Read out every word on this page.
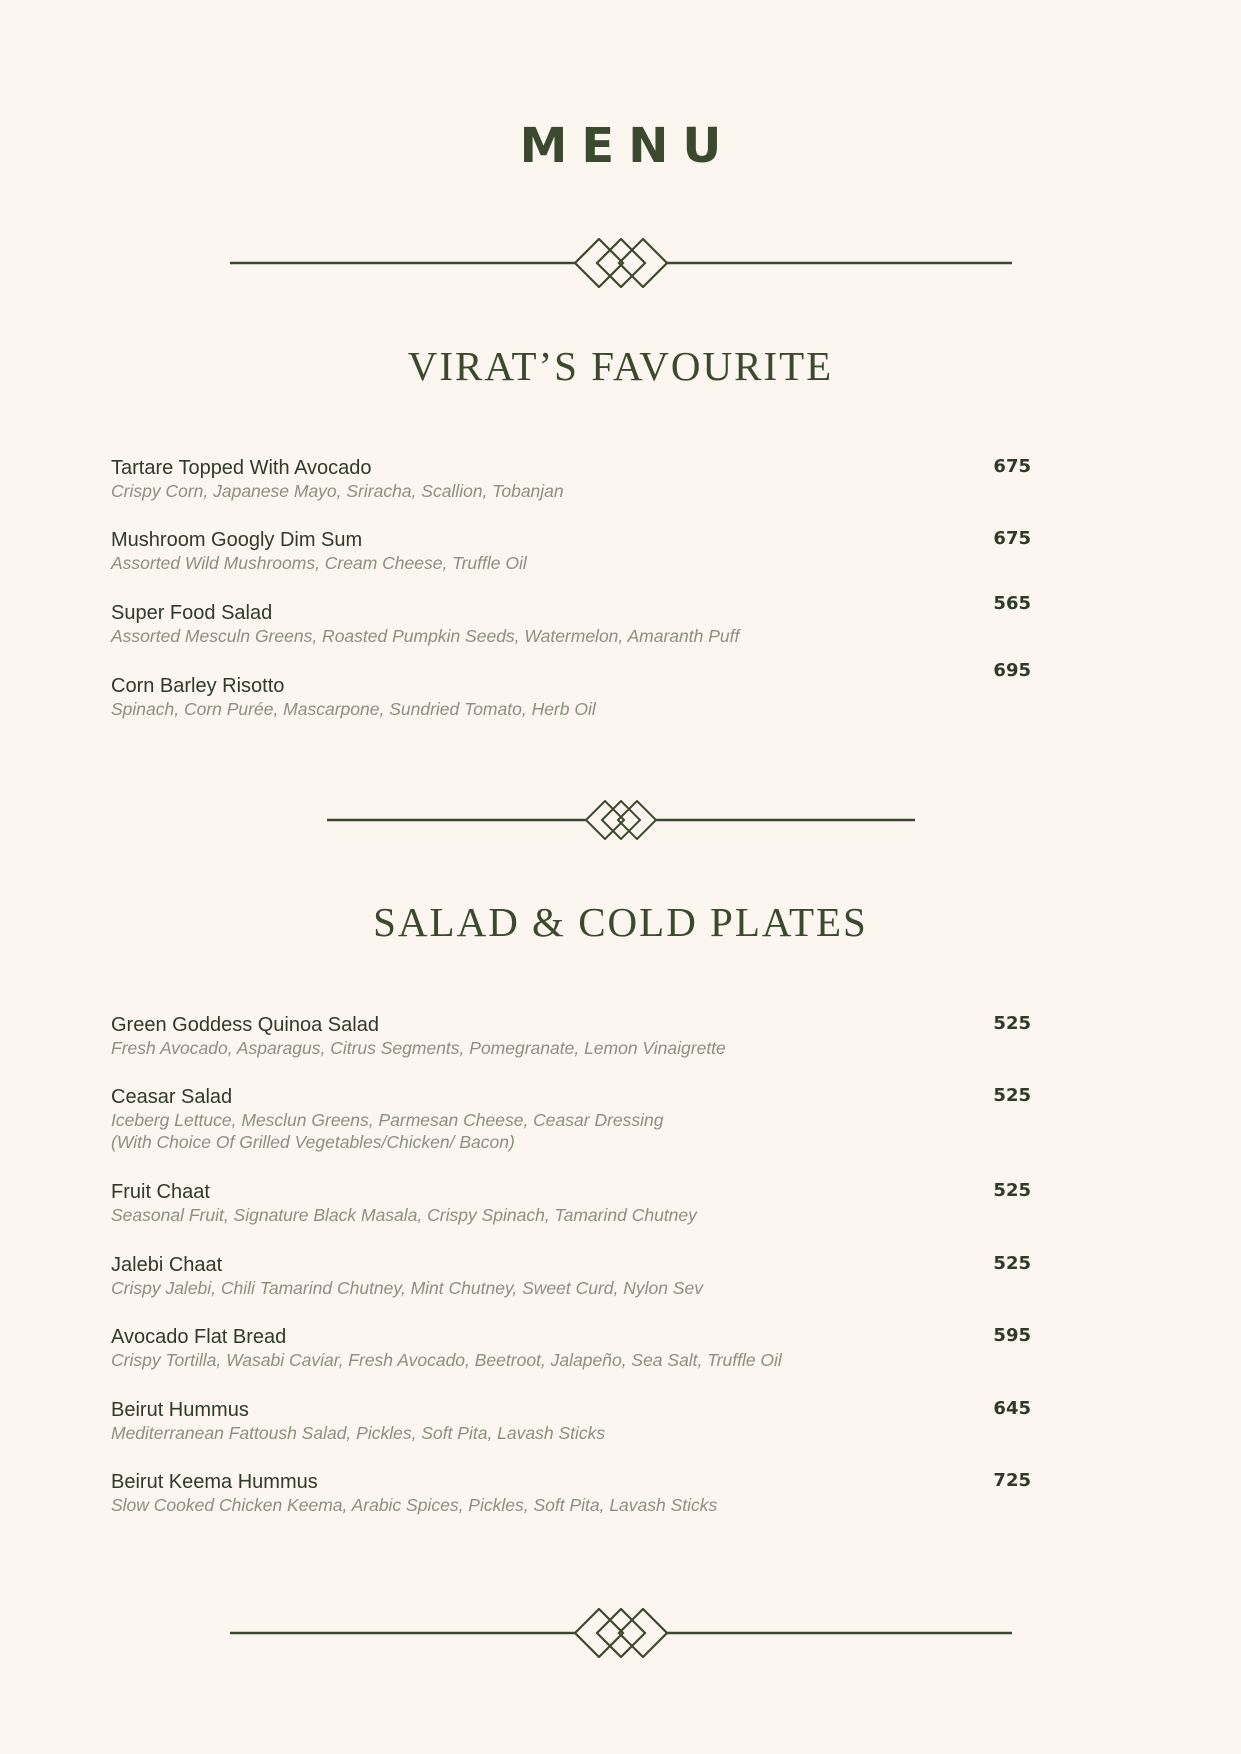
MENU
VIRAT’S FAVOURITE
Tartare Topped With Avocado
Crispy Corn, Japanese Mayo, Sriracha, Scallion, Tobanjan
675
Mushroom Googly Dim Sum
Assorted Wild Mushrooms, Cream Cheese, Truffle Oil
675
Super Food Salad
Assorted Mesculn Greens, Roasted Pumpkin Seeds, Watermelon, Amaranth Puff
565
Corn Barley Risotto
Spinach, Corn Purée, Mascarpone, Sundried Tomato, Herb Oil
695
SALAD & COLD PLATES
Green Goddess Quinoa Salad
Fresh Avocado, Asparagus, Citrus Segments, Pomegranate, Lemon Vinaigrette
525
Ceasar Salad
Iceberg Lettuce, Mesclun Greens, Parmesan Cheese, Ceasar Dressing
(With Choice Of Grilled Vegetables/Chicken/ Bacon)
525
Fruit Chaat
Seasonal Fruit, Signature Black Masala, Crispy Spinach, Tamarind Chutney
525
Jalebi Chaat
Crispy Jalebi, Chili Tamarind Chutney, Mint Chutney, Sweet Curd, Nylon Sev
525
Avocado Flat Bread
Crispy Tortilla, Wasabi Caviar, Fresh Avocado, Beetroot, Jalapeño, Sea Salt, Truffle Oil
595
Beirut Hummus
Mediterranean Fattoush Salad, Pickles, Soft Pita, Lavash Sticks
645
Beirut Keema Hummus
Slow Cooked Chicken Keema, Arabic Spices, Pickles, Soft Pita, Lavash Sticks
725
